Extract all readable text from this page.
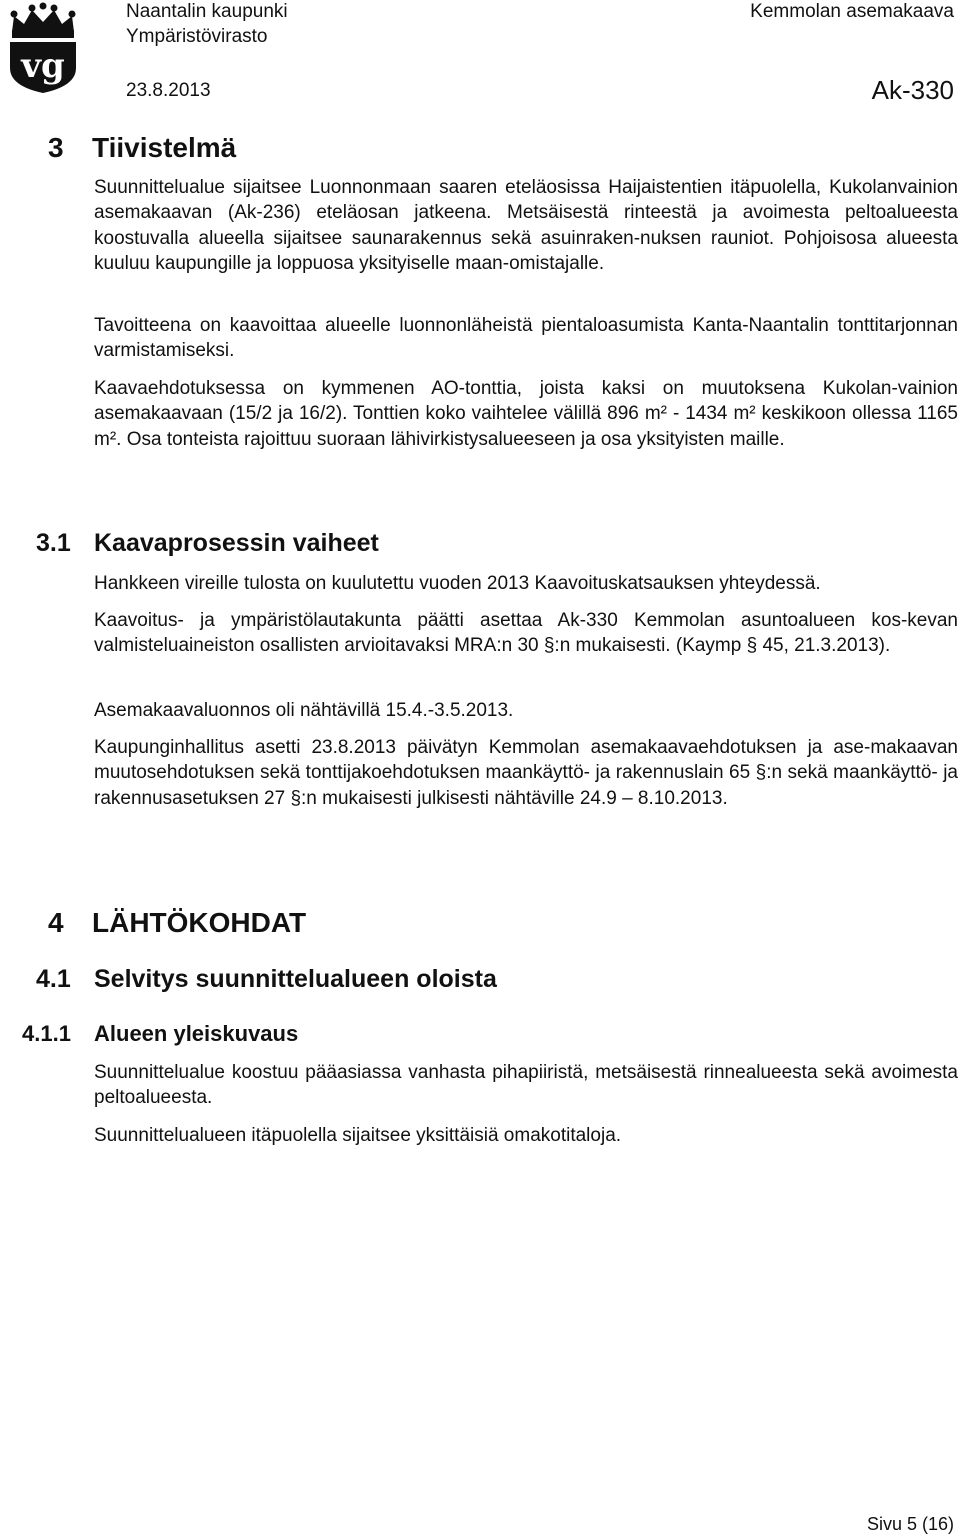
vg
Naantalin kaupunki
Ympäristövirasto
23.8.2013
Kemmolan asemakaava
Ak-330
3 Tiivistelmä

Suunnittelualue sijaitsee Luonnonmaan saaren eteläosissa Haijaistentien itäpuolella, Kukolanvainion asemakaavan (Ak-236) eteläosan jatkeena. Metsäisestä rinteestä ja avoimesta peltoalueesta koostuvalla alueella sijaitsee saunarakennus sekä asuinraken-nuksen rauniot. Pohjoisosa alueesta kuuluu kaupungille ja loppuosa yksityiselle maan-omistajalle.

Tavoitteena on kaavoittaa alueelle luonnonläheistä pientaloasumista Kanta-Naantalin tonttitarjonnan varmistamiseksi.

Kaavaehdotuksessa on kymmenen AO-tonttia, joista kaksi on muutoksena Kukolan-vainion asemakaavaan (15/2 ja 16/2). Tonttien koko vaihtelee välillä 896 m² - 1434 m² keskikoon ollessa 1165 m². Osa tonteista rajoittuu suoraan lähivirkistysalueeseen ja osa yksityisten maille.

3.1 Kaavaprosessin vaiheet

Hankkeen vireille tulosta on kuulutettu vuoden 2013 Kaavoituskatsauksen yhteydessä.

Kaavoitus- ja ympäristölautakunta päätti asettaa Ak-330 Kemmolan asuntoalueen kos-kevan valmisteluaineiston osallisten arvioitavaksi MRA:n 30 §:n mukaisesti. (Kaymp § 45, 21.3.2013).

Asemakaavaluonnos oli nähtävillä 15.4.-3.5.2013.

Kaupunginhallitus asetti 23.8.2013 päivätyn Kemmolan asemakaavaehdotuksen ja ase-makaavan muutosehdotuksen sekä tonttijakoehdotuksen maankäyttö- ja rakennuslain 65 §:n sekä maankäyttö- ja rakennusasetuksen 27 §:n mukaisesti julkisesti nähtäville 24.9 – 8.10.2013.

4 LÄHTÖKOHDAT
4.1 Selvitys suunnittelualueen oloista
4.1.1 Alueen yleiskuvaus

Suunnittelualue koostuu pääasiassa vanhasta pihapiiristä, metsäisestä rinnealueesta sekä avoimesta peltoalueesta.

Suunnittelualueen itäpuolella sijaitsee yksittäisiä omakotitaloja.

Sivu 5 (16)
